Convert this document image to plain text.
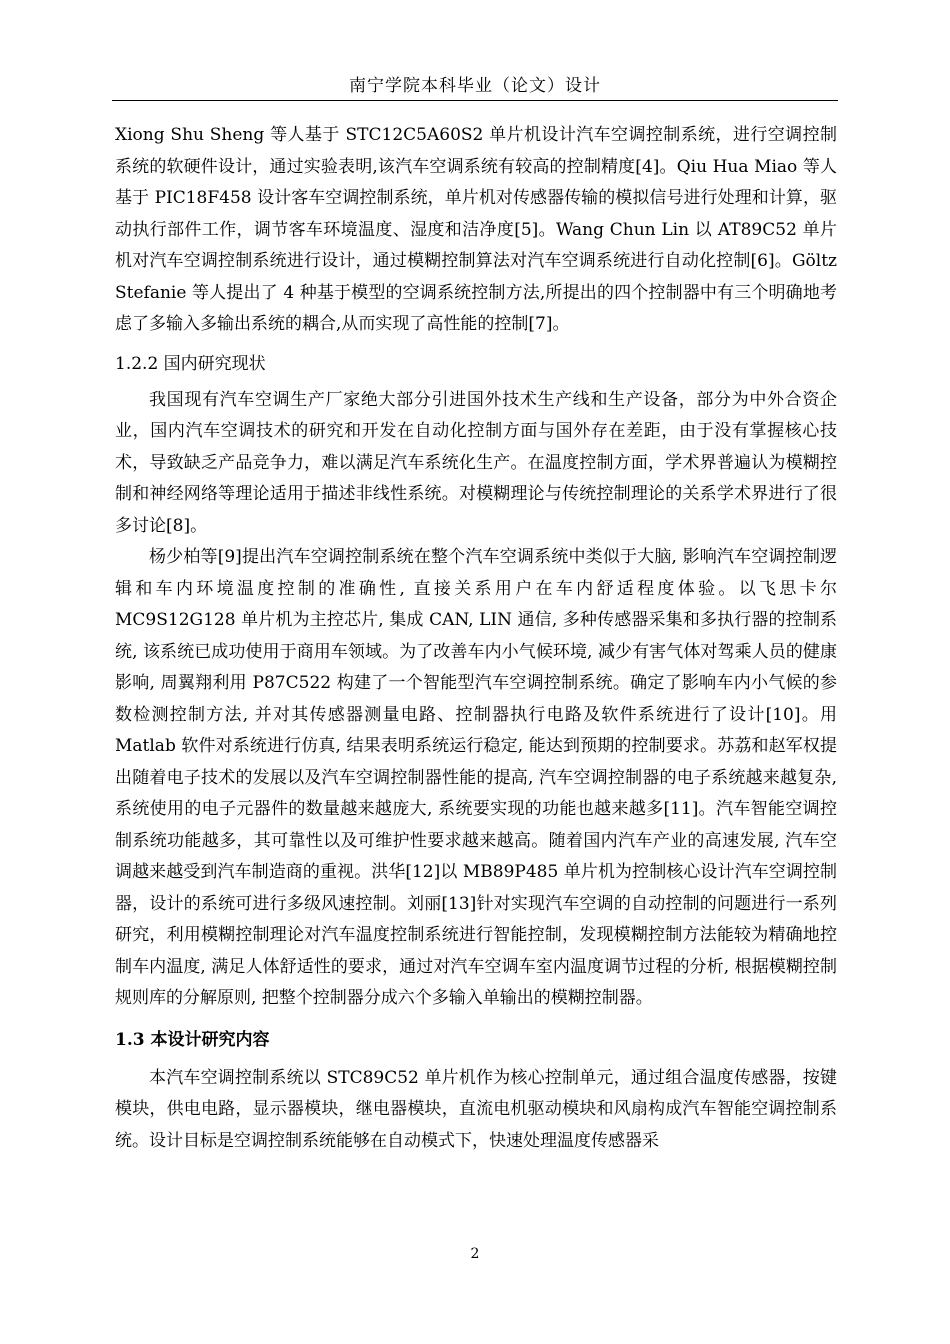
南宁学院本科毕业（论文）设计

Xiong Shu Sheng 等人基于 STC12C5A60S2 单片机设计汽车空调控制系统，进行空调控制系统的软硬件设计，通过实验表明,该汽车空调系统有较高的控制精度[4]。Qiu Hua Miao 等人基于 PIC18F458 设计客车空调控制系统，单片机对传感器传输的模拟信号进行处理和计算，驱动执行部件工作，调节客车环境温度、湿度和洁净度[5]。Wang Chun Lin 以 AT89C52 单片机对汽车空调控制系统进行设计，通过模糊控制算法对汽车空调系统进行自动化控制[6]。Göltz Stefanie 等人提出了 4 种基于模型的空调系统控制方法,所提出的四个控制器中有三个明确地考虑了多输入多输出系统的耦合,从而实现了高性能的控制[7]。

1.2.2 国内研究现状

我国现有汽车空调生产厂家绝大部分引进国外技术生产线和生产设备，部分为中外合资企业，国内汽车空调技术的研究和开发在自动化控制方面与国外存在差距，由于没有掌握核心技术，导致缺乏产品竞争力，难以满足汽车系统化生产。在温度控制方面，学术界普遍认为模糊控制和神经网络等理论适用于描述非线性系统。对模糊理论与传统控制理论的关系学术界进行了很多讨论[8]。

杨少柏等[9]提出汽车空调控制系统在整个汽车空调系统中类似于大脑, 影响汽车空调控制逻辑和车内环境温度控制的准确性, 直接关系用户在车内舒适程度体验。以飞思卡尔 MC9S12G128 单片机为主控芯片, 集成 CAN, LIN 通信, 多种传感器采集和多执行器的控制系统, 该系统已成功使用于商用车领域。为了改善车内小气候环境, 减少有害气体对驾乘人员的健康影响, 周翼翔利用 P87C522 构建了一个智能型汽车空调控制系统。确定了影响车内小气候的参数检测控制方法, 并对其传感器测量电路、控制器执行电路及软件系统进行了设计[10]。用 Matlab 软件对系统进行仿真, 结果表明系统运行稳定, 能达到预期的控制要求。苏荔和赵军权提出随着电子技术的发展以及汽车空调控制器性能的提高, 汽车空调控制器的电子系统越来越复杂, 系统使用的电子元器件的数量越来越庞大, 系统要实现的功能也越来越多[11]。汽车智能空调控制系统功能越多，其可靠性以及可维护性要求越来越高。随着国内汽车产业的高速发展, 汽车空调越来越受到汽车制造商的重视。洪华[12]以 MB89P485 单片机为控制核心设计汽车空调控制器，设计的系统可进行多级风速控制。刘丽[13]针对实现汽车空调的自动控制的问题进行一系列研究，利用模糊控制理论对汽车温度控制系统进行智能控制，发现模糊控制方法能较为精确地控制车内温度, 满足人体舒适性的要求，通过对汽车空调车室内温度调节过程的分析, 根据模糊控制规则库的分解原则, 把整个控制器分成六个多输入单输出的模糊控制器。

1.3 本设计研究内容

本汽车空调控制系统以 STC89C52 单片机作为核心控制单元，通过组合温度传感器，按键模块，供电电路，显示器模块，继电器模块，直流电机驱动模块和风扇构成汽车智能空调控制系统。设计目标是空调控制系统能够在自动模式下，快速处理温度传感器采

2
